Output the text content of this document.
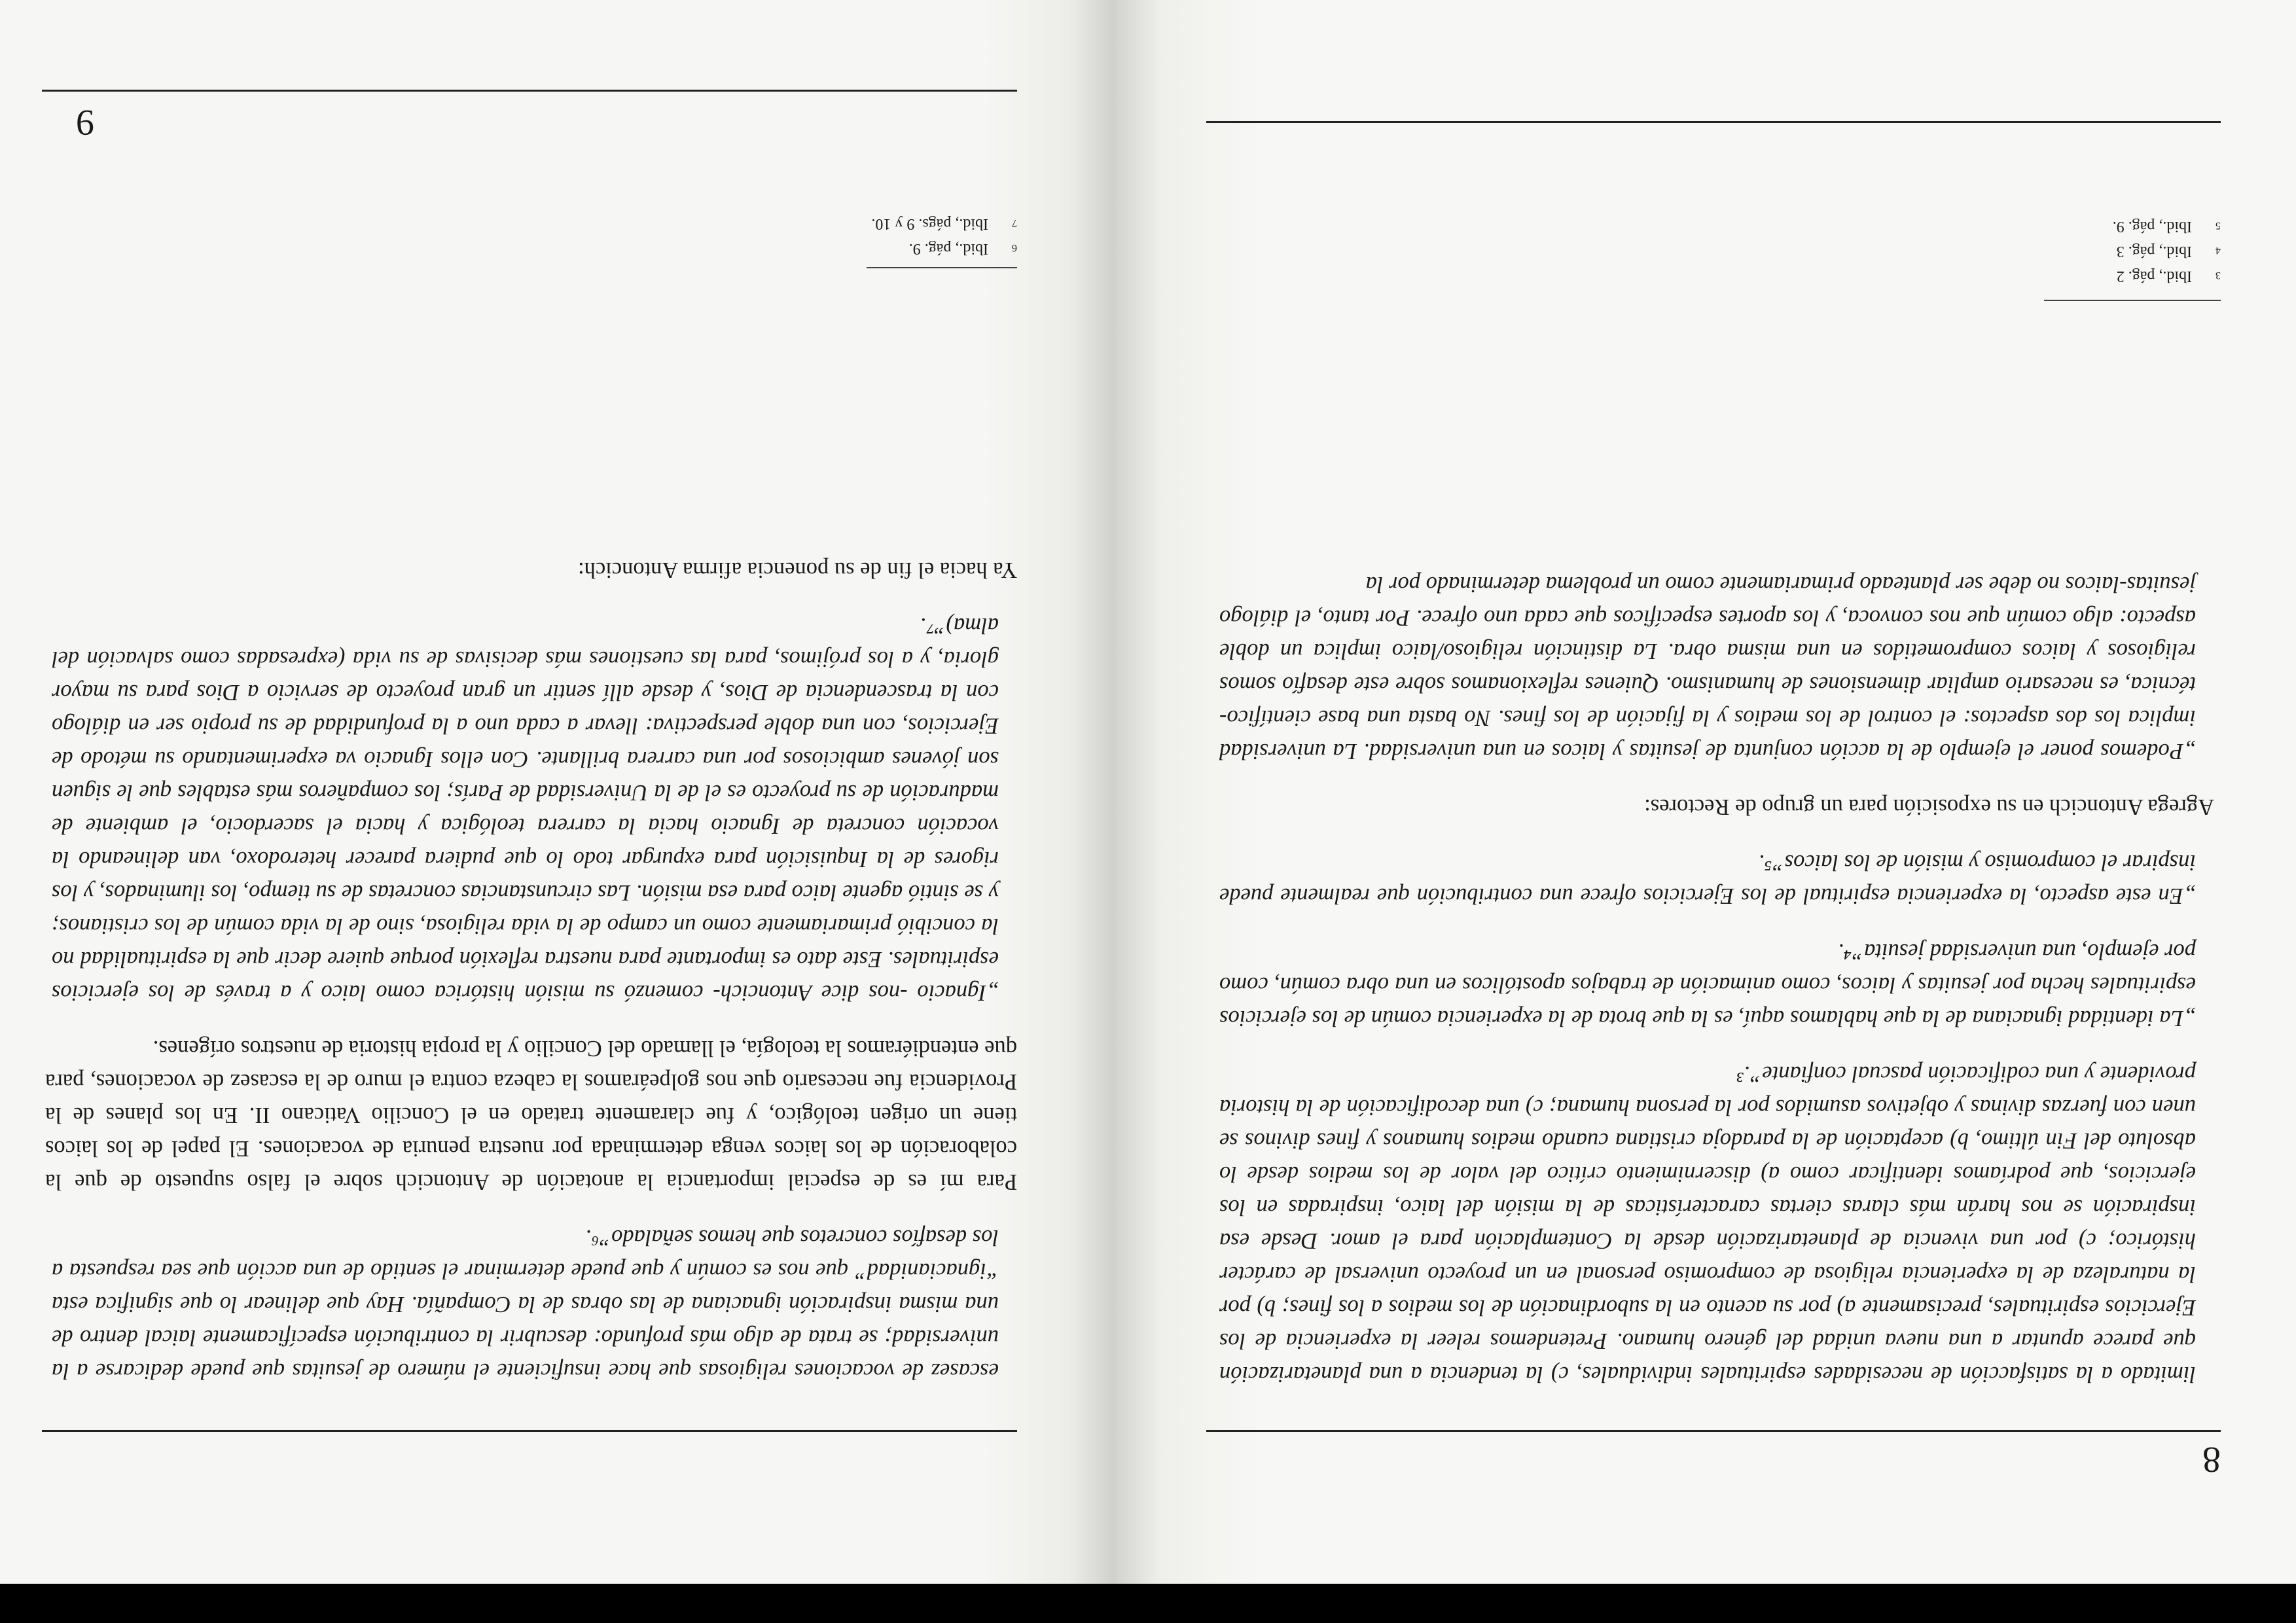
8
3
Ibid., pág. 2
4
Ibid., pág. 3
5
Ibid., pág. 9.

limitado a la satisfacción de necesidades espirituales individuales, c) la tendencia a una planetarización que parece apuntar a una nueva unidad del género humano. Pretendemos releer la experiencia de los Ejercicios espirituales, precisamente a) por su acento en la subordinación de los medios a los fines; b) por la naturaleza de la experiencia religiosa de compromiso personal en un proyecto universal de carácter histórico; c) por una vivencia de planetarización desde la Contemplación para el amor. Desde esa inspiración se nos harán más claras ciertas características de la misión del laico, inspiradas en los ejercicios, que podríamos identificar como a) discernimiento crítico del valor de los medios desde lo absoluto del Fin último, b) aceptación de la paradoja cristiana cuando medios humanos y fines divinos se unen con fuerzas divinas y objetivos asumidos por la persona humana; c) una decodificación de la historia providente y una codificación pascual confiante”.³

„La identidad ignaciana de la que hablamos aquí, es la que brota de la experiencia común de los ejercicios espirituales hecha por jesuitas y laicos, como animación de trabajos apostólicos en una obra común, como por ejemplo, una universidad jesuita”⁴.

„En este aspecto, la experiencia espiritual de los Ejercicios ofrece una contribución que realmente puede inspirar el compromiso y misión de los laicos”⁵.

Agrega Antoncich en su exposición para un grupo de Rectores:

„Podemos poner el ejemplo de la acción conjunta de jesuitas y laicos en una universidad. La universidad implica los dos aspectos: el control de los medios y la fijación de los fines. No basta una base científico-técnica, es necesario ampliar dimensiones de humanismo. Quienes reflexionamos sobre este desafío somos religiosos y laicos comprometidos en una misma obra. La distinción religioso/laico implica un doble aspecto: algo común que nos convoca, y los aportes específicos que cada uno ofrece. Por tanto, el diálogo jesuitas-laicos no debe ser planteado primariamente como un problema determinado por la

escasez de vocaciones religiosas que hace insuficiente el número de jesuitas que puede dedicarse a la universidad; se trata de algo más profundo: descubrir la contribución específicamente laical dentro de una misma inspiración ignaciana de las obras de la Compañía. Hay que delinear lo que significa esta “ignacianidad” que nos es común y que puede determinar el sentido de una acción que sea respuesta a los desafíos concretos que hemos señalado”⁶.

Para mí es de especial importancia la anotación de Antoncich sobre el falso supuesto de que la colaboración de los laicos venga determinada por nuestra penuria de vocaciones. El papel de los laicos tiene un origen teológico, y fue claramente tratado en el Concilio Vaticano II. En los planes de la Providencia fue necesario que nos golpeáramos la cabeza contra el muro de la escasez de vocaciones, para que entendiéramos la teología, el llamado del Concilio y la propia historia de nuestros orígenes.

„Ignacio -nos dice Antoncich- comenzó su misión histórica como laico y a través de los ejercicios espirituales. Este dato es importante para nuestra reflexión porque quiere decir que la espiritualidad no la concibió primariamente como un campo de la vida religiosa, sino de la vida común de los cristianos; y se sintió agente laico para esa misión. Las circunstancias concretas de su tiempo, los iluminados, y los rigores de la Inquisición para expurgar todo lo que pudiera parecer heterodoxo, van delineando la vocación concreta de Ignacio hacia la carrera teológica y hacia el sacerdocio, el ambiente de maduración de su proyecto es el de la Universidad de París; los compañeros más estables que le siguen son jóvenes ambiciosos por una carrera brillante. Con ellos Ignacio va experimentando su método de Ejercicios, con una doble perspectiva: llevar a cada uno a la profundidad de su propio ser en diálogo con la trascendencia de Dios, y desde allí sentir un gran proyecto de servicio a Dios para su mayor gloria, y a los prójimos, para las cuestiones más decisivas de su vida (expresadas como salvación del alma)”⁷.

Ya hacia el fin de su ponencia afirma Antoncich:

6
Ibid., pág. 9.
7
Ibid., págs. 9 y 10.
9
